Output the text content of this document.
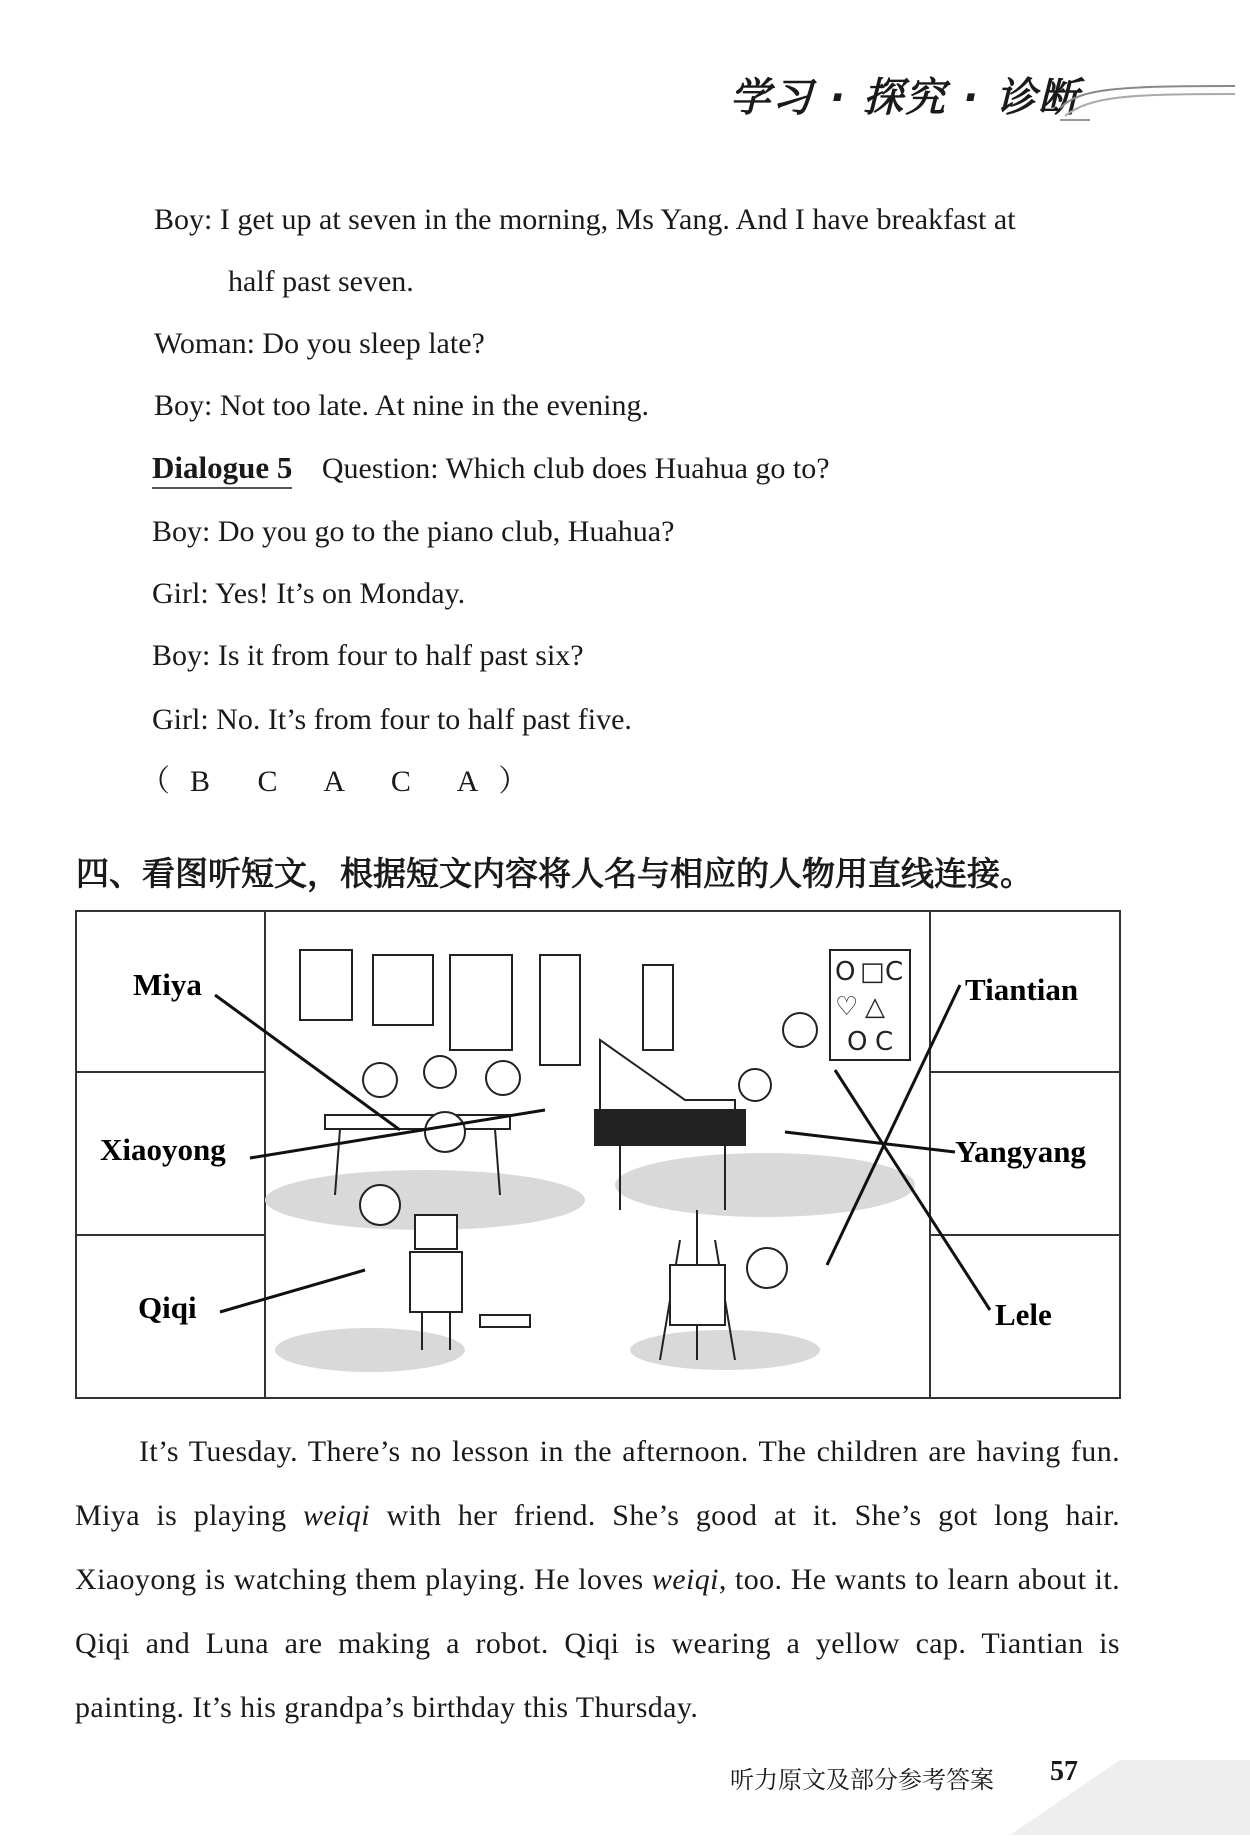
学习 · 探究 · 诊断
Boy: I get up at seven in the morning, Ms Yang. And I have breakfast at
half past seven.
Woman: Do you sleep late?
Boy: Not too late. At nine in the evening.
Dialogue 5 Question: Which club does Huahua go to?
Boy: Do you go to the piano club, Huahua?
Girl: Yes! It’s on Monday.
Boy: Is it from four to half past six?
Girl: No. It’s from four to half past five.
（B C A C A）
四、看图听短文，根据短文内容将人名与相应的人物用直线连接。
Miya
Xiaoyong
Qiqi
Tiantian
Yangyang
Lele
O □ C
♡ △
O C

It’s Tuesday. There’s no lesson in the afternoon. The children are having fun. Miya is playing weiqi with her friend. She’s good at it. She’s got long hair. Xiaoyong is watching them playing. He loves weiqi, too. He wants to learn about it. Qiqi and Luna are making a robot. Qiqi is wearing a yellow cap. Tiantian is painting. It’s his grandpa’s birthday this Thursday.

听力原文及部分参考答案 57
